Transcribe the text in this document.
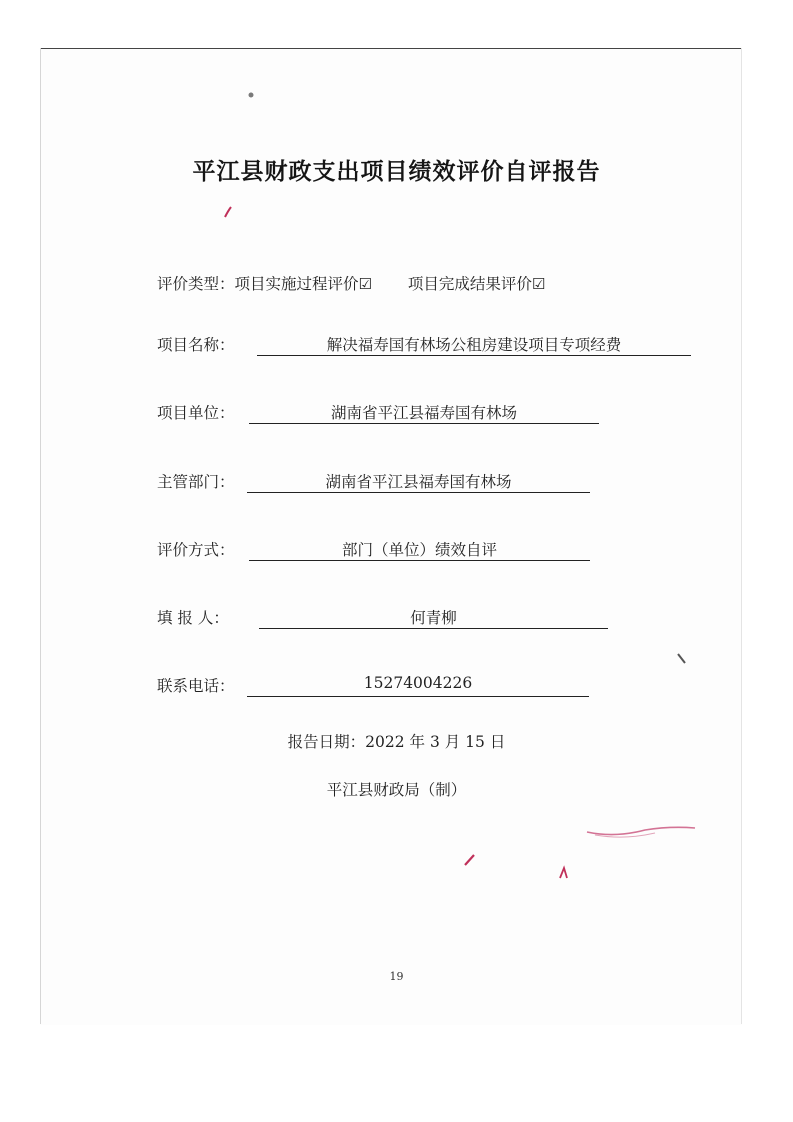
平江县财政支出项目绩效评价自评报告
评价类型：项目实施过程评价☑ 项目完成结果评价☑
项目名称：	解决福寿国有林场公租房建设项目专项经费
项目单位：	湖南省平江县福寿国有林场
主管部门：	湖南省平江县福寿国有林场
评价方式：	部门（单位）绩效自评
填 报 人：	何青柳
联系电话：	15274004226
报告日期：2022 年 3 月 15 日
平江县财政局（制）
19
